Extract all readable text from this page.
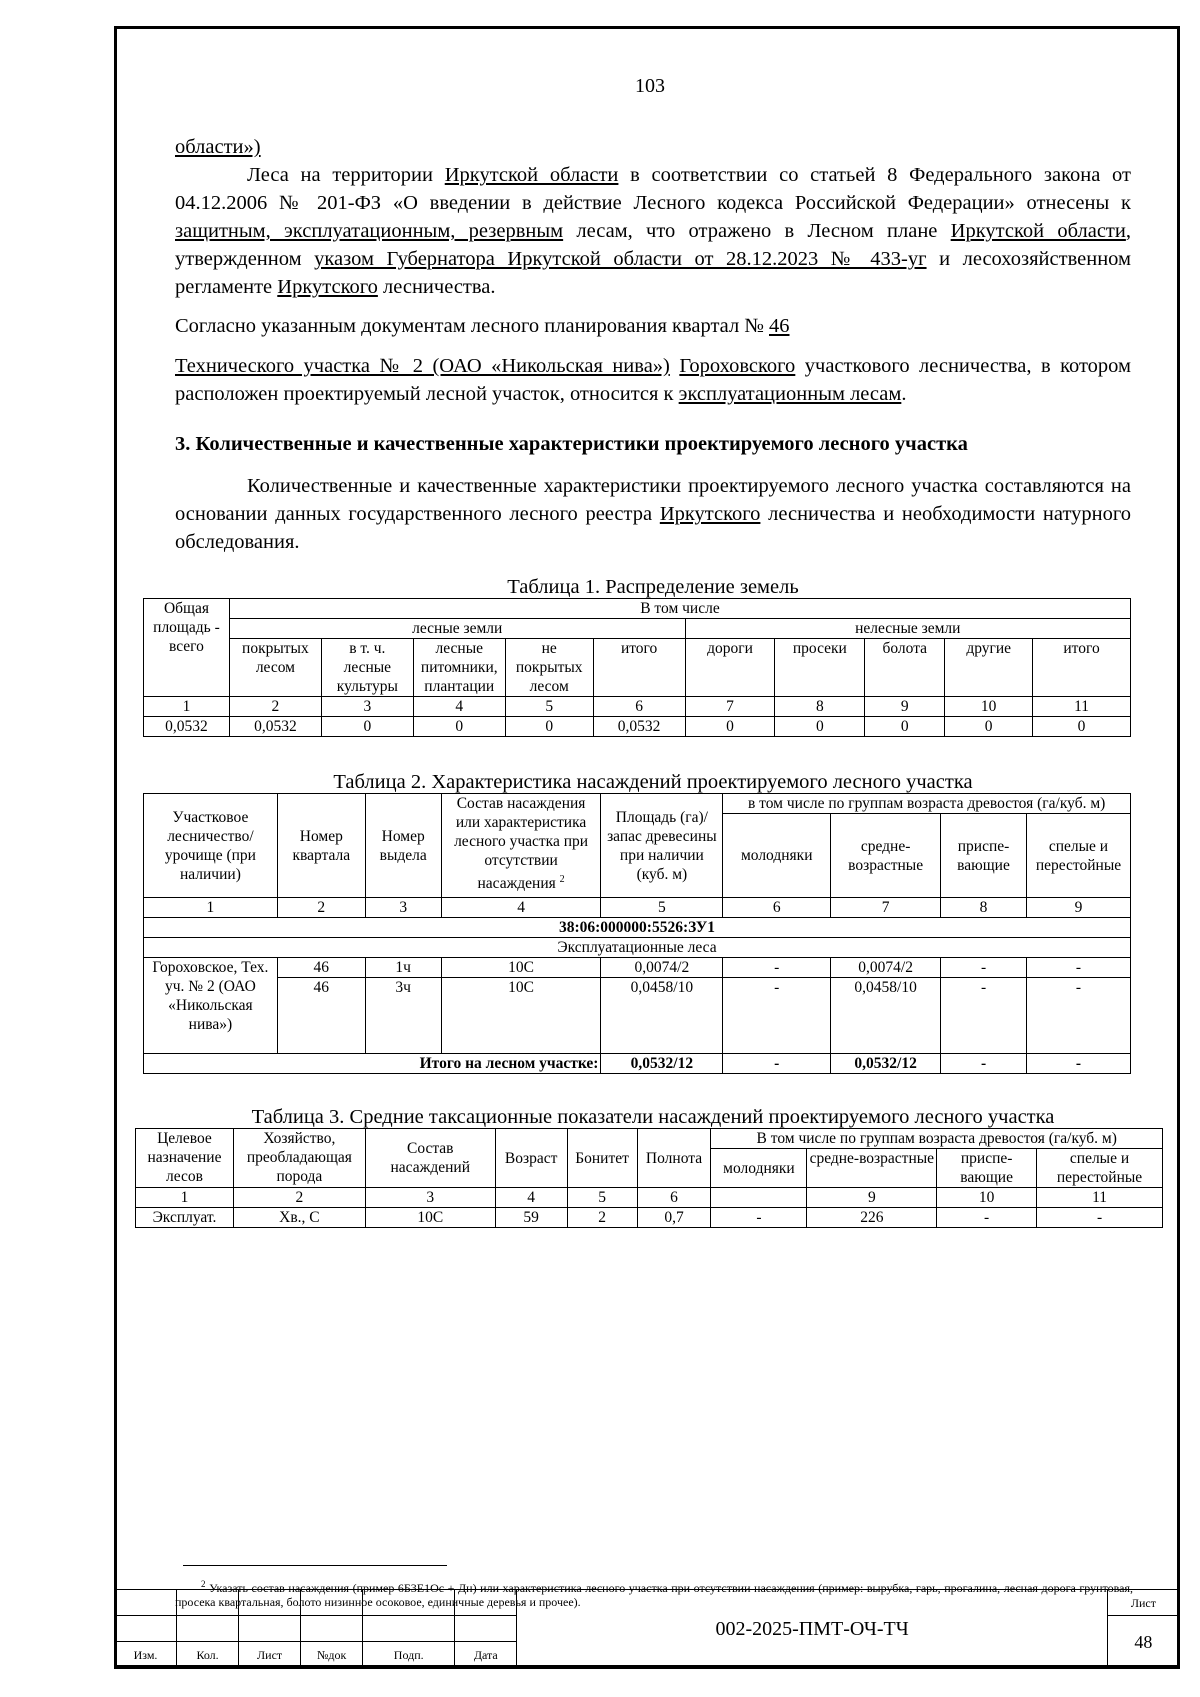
103

области»)

Леса на территории Иркутской области в соответствии со статьей 8 Федерального закона от 04.12.2006 № 201-ФЗ «О введении в действие Лесного кодекса Российской Федерации» отнесены к защитным, эксплуатационным, резервным лесам, что отражено в Лесном плане Иркутской области, утвержденном указом Губернатора Иркутской области от 28.12.2023 № 433-уг и лесохозяйственном регламенте Иркутского лесничества.

Согласно указанным документам лесного планирования квартал № 46

Технического участка № 2 (ОАО «Никольская нива») Гороховского участкового лесничества, в котором расположен проектируемый лесной участок, относится к эксплуатационным лесам.

3. Количественные и качественные характеристики проектируемого лесного участка

Количественные и качественные характеристики проектируемого лесного участка составляются на основании данных государственного лесного реестра Иркутского лесничества и необходимости натурного обследования.

Таблица 1. Распределение земель
Общая площадь - всего	В том числе									
	лесные земли					нелесные земли				
	покрытых лесом	в т. ч. лесные культуры	лесные питомники, плантации	не покрытых лесом	итого	дороги	просеки	болота	другие	итого
1	2	3	4	5	6	7	8	9	10	11
0,0532	0,0532	0	0	0	0,0532	0	0	0	0	0
Таблица 2. Характеристика насаждений проектируемого лесного участка
Участковое лесничество/ урочище (при наличии)	Номер квартала	Номер выдела	Состав насаждения или характеристика лесного участка при отсутствии насаждения $^2$	Площадь (га)/запас древесины при наличии (куб. м)	в том числе по группам возраста древостоя (га/куб. м)			
					молодняки	средне-возрастные	приспе-вающие	спелые и перестойные
1	2	3	4	5	6	7	8	9
38:06:000000:5526:ЗУ1								
Эксплуатационные леса								
Гороховское, Тех. уч. № 2 (ОАО «Никольская нива»)	46	1ч	10С	0,0074/2	-	0,0074/2	-	-
	46	3ч	10С	0,0458/10	-	0,0458/10	-	-
Итого на лесном участке:				0,0532/12	-	0,0532/12	-	-
Таблица 3. Средние таксационные показатели насаждений проектируемого лесного участка
Целевое назначение лесов	Хозяйство, преобладающая порода	Состав насаждений	Возраст	Бонитет	Полнота	В том числе по группам возраста древостоя (га/куб. м)			
						молодняки	средне-возрастные	приспе-вающие	спелые и перестойные
1	2	3	4	5	6		9	10	11
Эксплуат.	Хв., С	10С	59	2	0,7	-	226	-	-
$^2$ Указать состав насаждения (пример 6Б3Е1Ос + Дн) или характеристика лесного участка при отсутствии насаждения (пример: вырубка, гарь, прогалина, лесная дорога грунтовая, просека квартальная, болото низинное осоковое, единичные деревья и прочее).
						002-2025-ПМТ-ОЧ-ТЧ	Лист
							48
Изм.	Кол.	Лист	№док	Подп.	Дата		
